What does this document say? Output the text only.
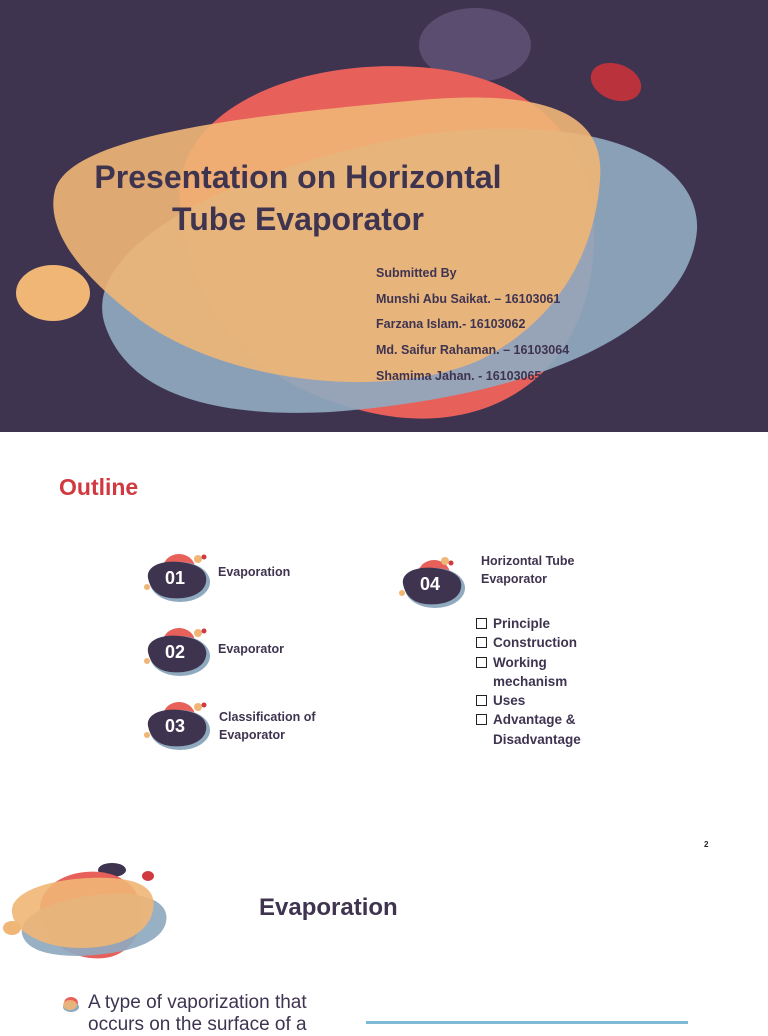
Presentation on Horizontal
Tube Evaporator
Submitted By
Munshi Abu Saikat. – 16103061
Farzana Islam.- 16103062
Md. Saifur Rahaman. – 16103064
Shamima Jahan. - 16103065
Outline
01	Evaporation
02	Evaporator
03	Classification of
Evaporator
04
Horizontal Tube
Evaporator
Principle
Construction
Working
mechanism
Uses
Advantage &
Disadvantage
2
Evaporation
A type of vaporization that
occurs on the surface of a
